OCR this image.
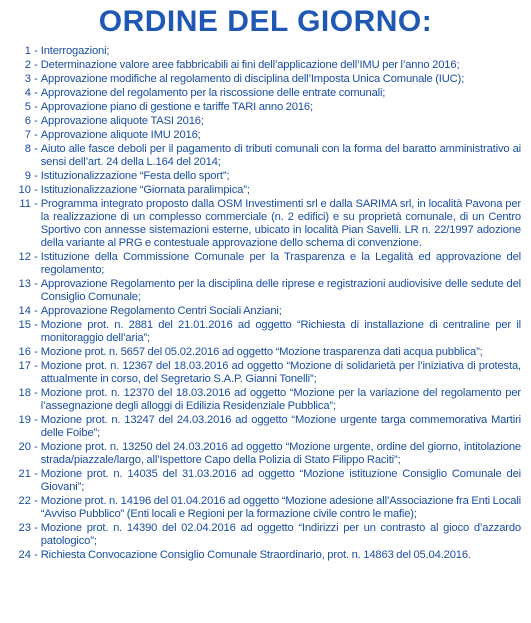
ORDINE DEL GIORNO:
1 - Interrogazioni;
2 - Determinazione valore aree fabbricabili ai fini dell’applicazione dell’IMU per l’anno 2016;
3 - Approvazione modifiche al regolamento di disciplina dell’Imposta Unica Comunale (IUC);
4 - Approvazione del regolamento per la riscossione delle entrate comunali;
5 - Approvazione piano di gestione e tariffe TARI anno 2016;
6 - Approvazione aliquote TASI 2016;
7 - Approvazione aliquote IMU 2016;
8 - Aiuto alle fasce deboli per il pagamento di tributi comunali con la forma del baratto amministrativo ai sensi dell’art. 24 della L.164 del 2014;
9 - Istituzionalizzazione “Festa dello sport”;
10 - Istituzionalizzazione “Giornata paralimpica”;
11 - Programma integrato proposto dalla OSM Investimenti srl e dalla SARIMA srl, in località Pavona per la realizzazione di un complesso commerciale (n. 2 edifici) e su proprietà comunale, di un Centro Sportivo con annesse sistemazioni esterne, ubicato in località Pian Savelli. LR n. 22/1997 adozione della variante al PRG e contestuale approvazione dello schema di convenzione.
12 - Istituzione della Commissione Comunale per la Trasparenza e la Legalità ed approvazione del regolamento;
13 - Approvazione Regolamento per la disciplina delle riprese e registrazioni audiovisive delle sedute del Consiglio Comunale;
14 - Approvazione Regolamento Centri Sociali Anziani;
15 - Mozione prot. n. 2881 del 21.01.2016 ad oggetto “Richiesta di installazione di centraline per il monitoraggio dell’aria”;
16 - Mozione prot. n. 5657 del 05.02.2016 ad oggetto “Mozione trasparenza dati acqua pubblica”;
17 - Mozione prot. n. 12367 del 18.03.2016 ad oggetto “Mozione di solidarietà per l’iniziativa di protesta, attualmente in corso, del Segretario S.A.P. Gianni Tonelli”;
18 - Mozione prot. n. 12370 del 18.03.2016 ad oggetto “Mozione per la variazione del regolamento per l’assegnazione degli alloggi di Edilizia Residenziale Pubblica”;
19 - Mozione prot. n. 13247 del 24.03.2016 ad oggetto “Mozione urgente targa commemorativa Martiri delle Foibe”;
20 - Mozione prot. n. 13250 del 24.03.2016 ad oggetto “Mozione urgente, ordine del giorno, intitolazione strada/piazzale/largo, all’Ispettore Capo della Polizia di Stato Filippo Raciti”;
21 - Mozione prot. n. 14035 del 31.03.2016 ad oggetto “Mozione istituzione Consiglio Comunale dei Giovani”;
22 - Mozione prot. n. 14196 del 01.04.2016 ad oggetto “Mozione adesione all’Associazione fra Enti Locali “Avviso Pubblico” (Enti locali e Regioni per la formazione civile contro le mafie);
23 - Mozione prot. n. 14390 del 02.04.2016 ad oggetto “Indirizzi per un contrasto al gioco d’azzardo patologico”;
24 - Richiesta Convocazione Consiglio Comunale Straordinario, prot. n. 14863 del 05.04.2016.
